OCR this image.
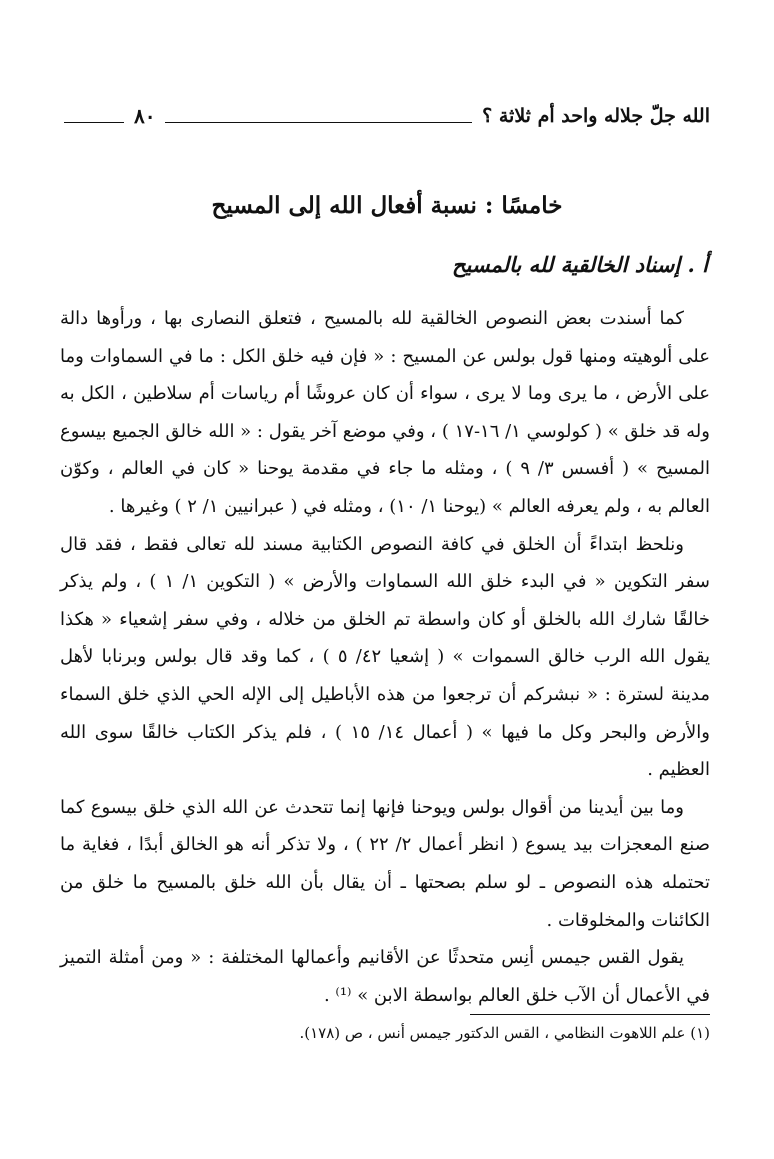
الله جلّ جلاله واحد أم ثلاثة ؟
٨٠
خامسًا : نسبة أفعال الله إلى المسيح
أ . إسناد الخالقية لله بالمسيح

كما أسندت بعض النصوص الخالقية لله بالمسيح ، فتعلق النصارى بها ، ورأوها دالة على ألوهيته ومنها قول بولس عن المسيح : « فإن فيه خلق الكل : ما في السماوات وما على الأرض ، ما يرى وما لا يرى ، سواء أن كان عروشًا أم رياسات أم سلاطين ، الكل به وله قد خلق » ( كولوسي ١/ ١٦-١٧ ) ، وفي موضع آخر يقول : « الله خالق الجميع بيسوع المسيح » ( أفسس ٣/ ٩ ) ، ومثله ما جاء في مقدمة يوحنا « كان في العالم ، وكوّن العالم به ، ولم يعرفه العالم » (يوحنا ١/ ١٠) ، ومثله في ( عبرانيين ١/ ٢ ) وغيرها .

ونلحظ ابتداءً أن الخلق في كافة النصوص الكتابية مسند لله تعالى فقط ، فقد قال سفر التكوين « في البدء خلق الله السماوات والأرض » ( التكوين ١/ ١ ) ، ولم يذكر خالقًا شارك الله بالخلق أو كان واسطة تم الخلق من خلاله ، وفي سفر إشعياء « هكذا يقول الله الرب خالق السموات » ( إشعيا ٤٢/ ٥ ) ، كما وقد قال بولس وبرنابا لأهل مدينة لسترة : « نبشركم أن ترجعوا من هذه الأباطيل إلى الإله الحي الذي خلق السماء والأرض والبحر وكل ما فيها » ( أعمال ١٤/ ١٥ ) ، فلم يذكر الكتاب خالقًا سوى الله العظيم .

وما بين أيدينا من أقوال بولس ويوحنا فإنها إنما تتحدث عن الله الذي خلق بيسوع كما صنع المعجزات بيد يسوع ( انظر أعمال ٢/ ٢٢ ) ، ولا تذكر أنه هو الخالق أبدًا ، فغاية ما تحتمله هذه النصوص ـ لو سلم بصحتها ـ أن يقال بأن الله خلق بالمسيح ما خلق من الكائنات والمخلوقات .

يقول القس جيمس أنِس متحدثًا عن الأقانيم وأعمالها المختلفة : « ومن أمثلة التميز في الأعمال أن الآب خلق العالم بواسطة الابن » ⁽¹⁾ .

(١) علم اللاهوت النظامي ، القس الدكتور جيمس أنس ، ص (١٧٨).
